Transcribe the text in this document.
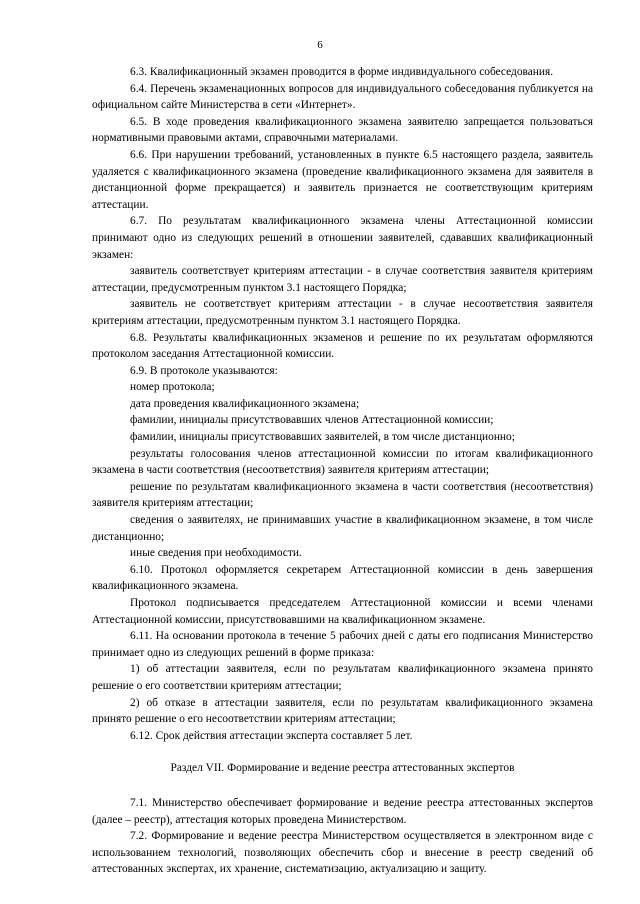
6

6.3. Квалификационный экзамен проводится в форме индивидуального собеседования.

6.4. Перечень экзаменационных вопросов для индивидуального собеседования публикуется на официальном сайте Министерства в сети «Интернет».

6.5. В ходе проведения квалификационного экзамена заявителю запрещается пользоваться нормативными правовыми актами, справочными материалами.

6.6. При нарушении требований, установленных в пункте 6.5 настоящего раздела, заявитель удаляется с квалификационного экзамена (проведение квалификационного экзамена для заявителя в дистанционной форме прекращается) и заявитель признается не соответствующим критериям аттестации.

6.7. По результатам квалификационного экзамена члены Аттестационной комиссии принимают одно из следующих решений в отношении заявителей, сдававших квалификационный экзамен:

заявитель соответствует критериям аттестации - в случае соответствия заявителя критериям аттестации, предусмотренным пунктом 3.1 настоящего Порядка;

заявитель не соответствует критериям аттестации - в случае несоответствия заявителя критериям аттестации, предусмотренным пунктом 3.1 настоящего Порядка.

6.8. Результаты квалификационных экзаменов и решение по их результатам оформляются протоколом заседания Аттестационной комиссии.

6.9. В протоколе указываются:

номер протокола;

дата проведения квалификационного экзамена;

фамилии, инициалы присутствовавших членов Аттестационной комиссии;

фамилии, инициалы присутствовавших заявителей, в том числе дистанционно;

результаты голосования членов аттестационной комиссии по итогам квалификационного экзамена в части соответствия (несоответствия) заявителя критериям аттестации;

решение по результатам квалификационного экзамена в части соответствия (несоответствия) заявителя критериям аттестации;

сведения о заявителях, не принимавших участие в квалификационном экзамене, в том числе дистанционно;

иные сведения при необходимости.

6.10. Протокол оформляется секретарем Аттестационной комиссии в день завершения квалификационного экзамена.

Протокол подписывается председателем Аттестационной комиссии и всеми членами Аттестационной комиссии, присутствовавшими на квалификационном экзамене.

6.11. На основании протокола в течение 5 рабочих дней с даты его подписания Министерство принимает одно из следующих решений в форме приказа:

1) об аттестации заявителя, если по результатам квалификационного экзамена принято решение о его соответствии критериям аттестации;

2) об отказе в аттестации заявителя, если по результатам квалификационного экзамена принято решение о его несоответствии критериям аттестации;

6.12. Срок действия аттестации эксперта составляет 5 лет.

Раздел VII. Формирование и ведение реестра аттестованных экспертов

7.1. Министерство обеспечивает формирование и ведение реестра аттестованных экспертов (далее – реестр), аттестация которых проведена Министерством.

7.2. Формирование и ведение реестра Министерством осуществляется в электронном виде с использованием технологий, позволяющих обеспечить сбор и внесение в реестр сведений об аттестованных экспертах, их хранение, систематизацию, актуализацию и защиту.
